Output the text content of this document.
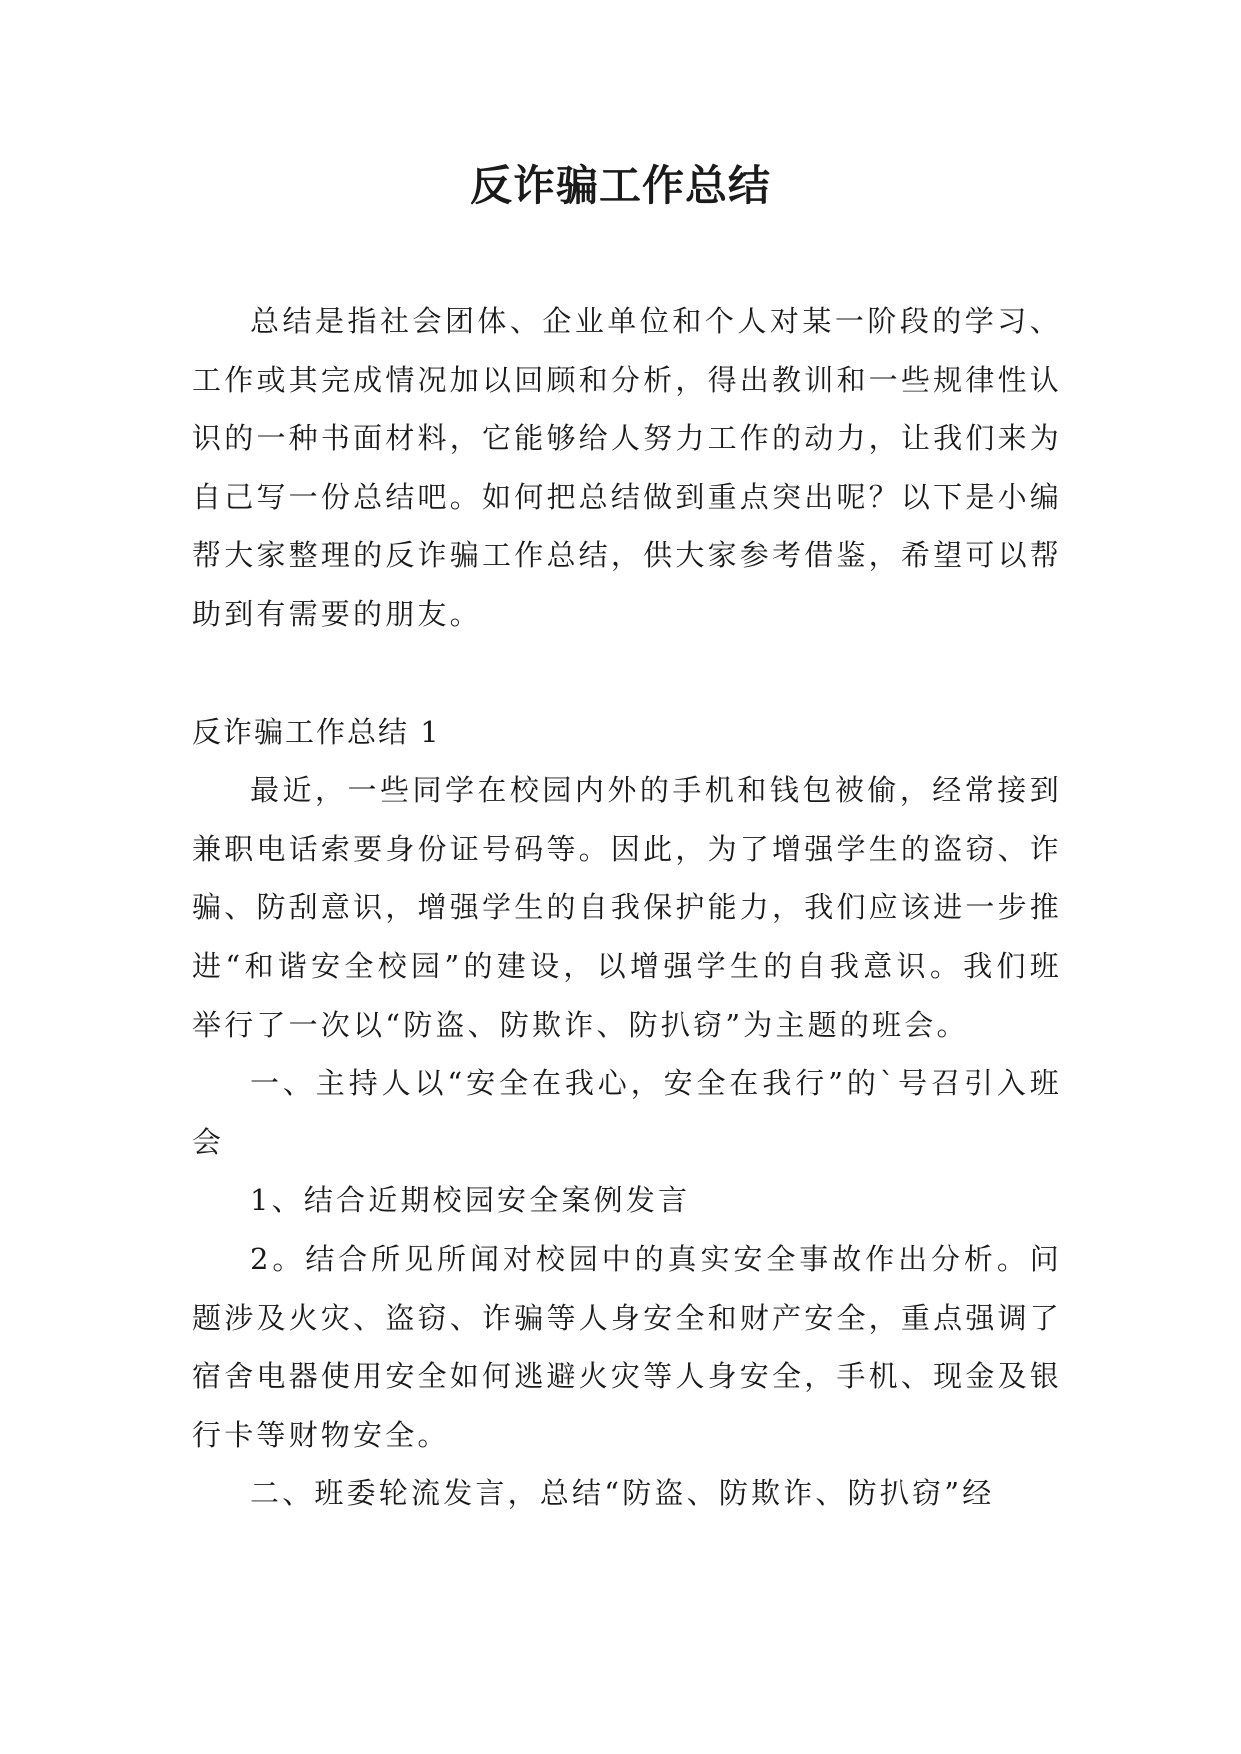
反诈骗工作总结

总结是指社会团体、企业单位和个人对某一阶段的学习、工作或其完成情况加以回顾和分析，得出教训和一些规律性认识的一种书面材料，它能够给人努力工作的动力，让我们来为自己写一份总结吧。如何把总结做到重点突出呢？以下是小编帮大家整理的反诈骗工作总结，供大家参考借鉴，希望可以帮助到有需要的朋友。

反诈骗工作总结 1

最近，一些同学在校园内外的手机和钱包被偷，经常接到兼职电话索要身份证号码等。因此，为了增强学生的盗窃、诈骗、防刮意识，增强学生的自我保护能力，我们应该进一步推进“和谐安全校园”的建设，以增强学生的自我意识。我们班举行了一次以“防盗、防欺诈、防扒窃”为主题的班会。

一、主持人以“安全在我心，安全在我行”的`号召引入班会

1、结合近期校园安全案例发言

2。结合所见所闻对校园中的真实安全事故作出分析。问题涉及火灾、盗窃、诈骗等人身安全和财产安全，重点强调了宿舍电器使用安全如何逃避火灾等人身安全，手机、现金及银行卡等财物安全。

二、班委轮流发言，总结“防盗、防欺诈、防扒窃”经
